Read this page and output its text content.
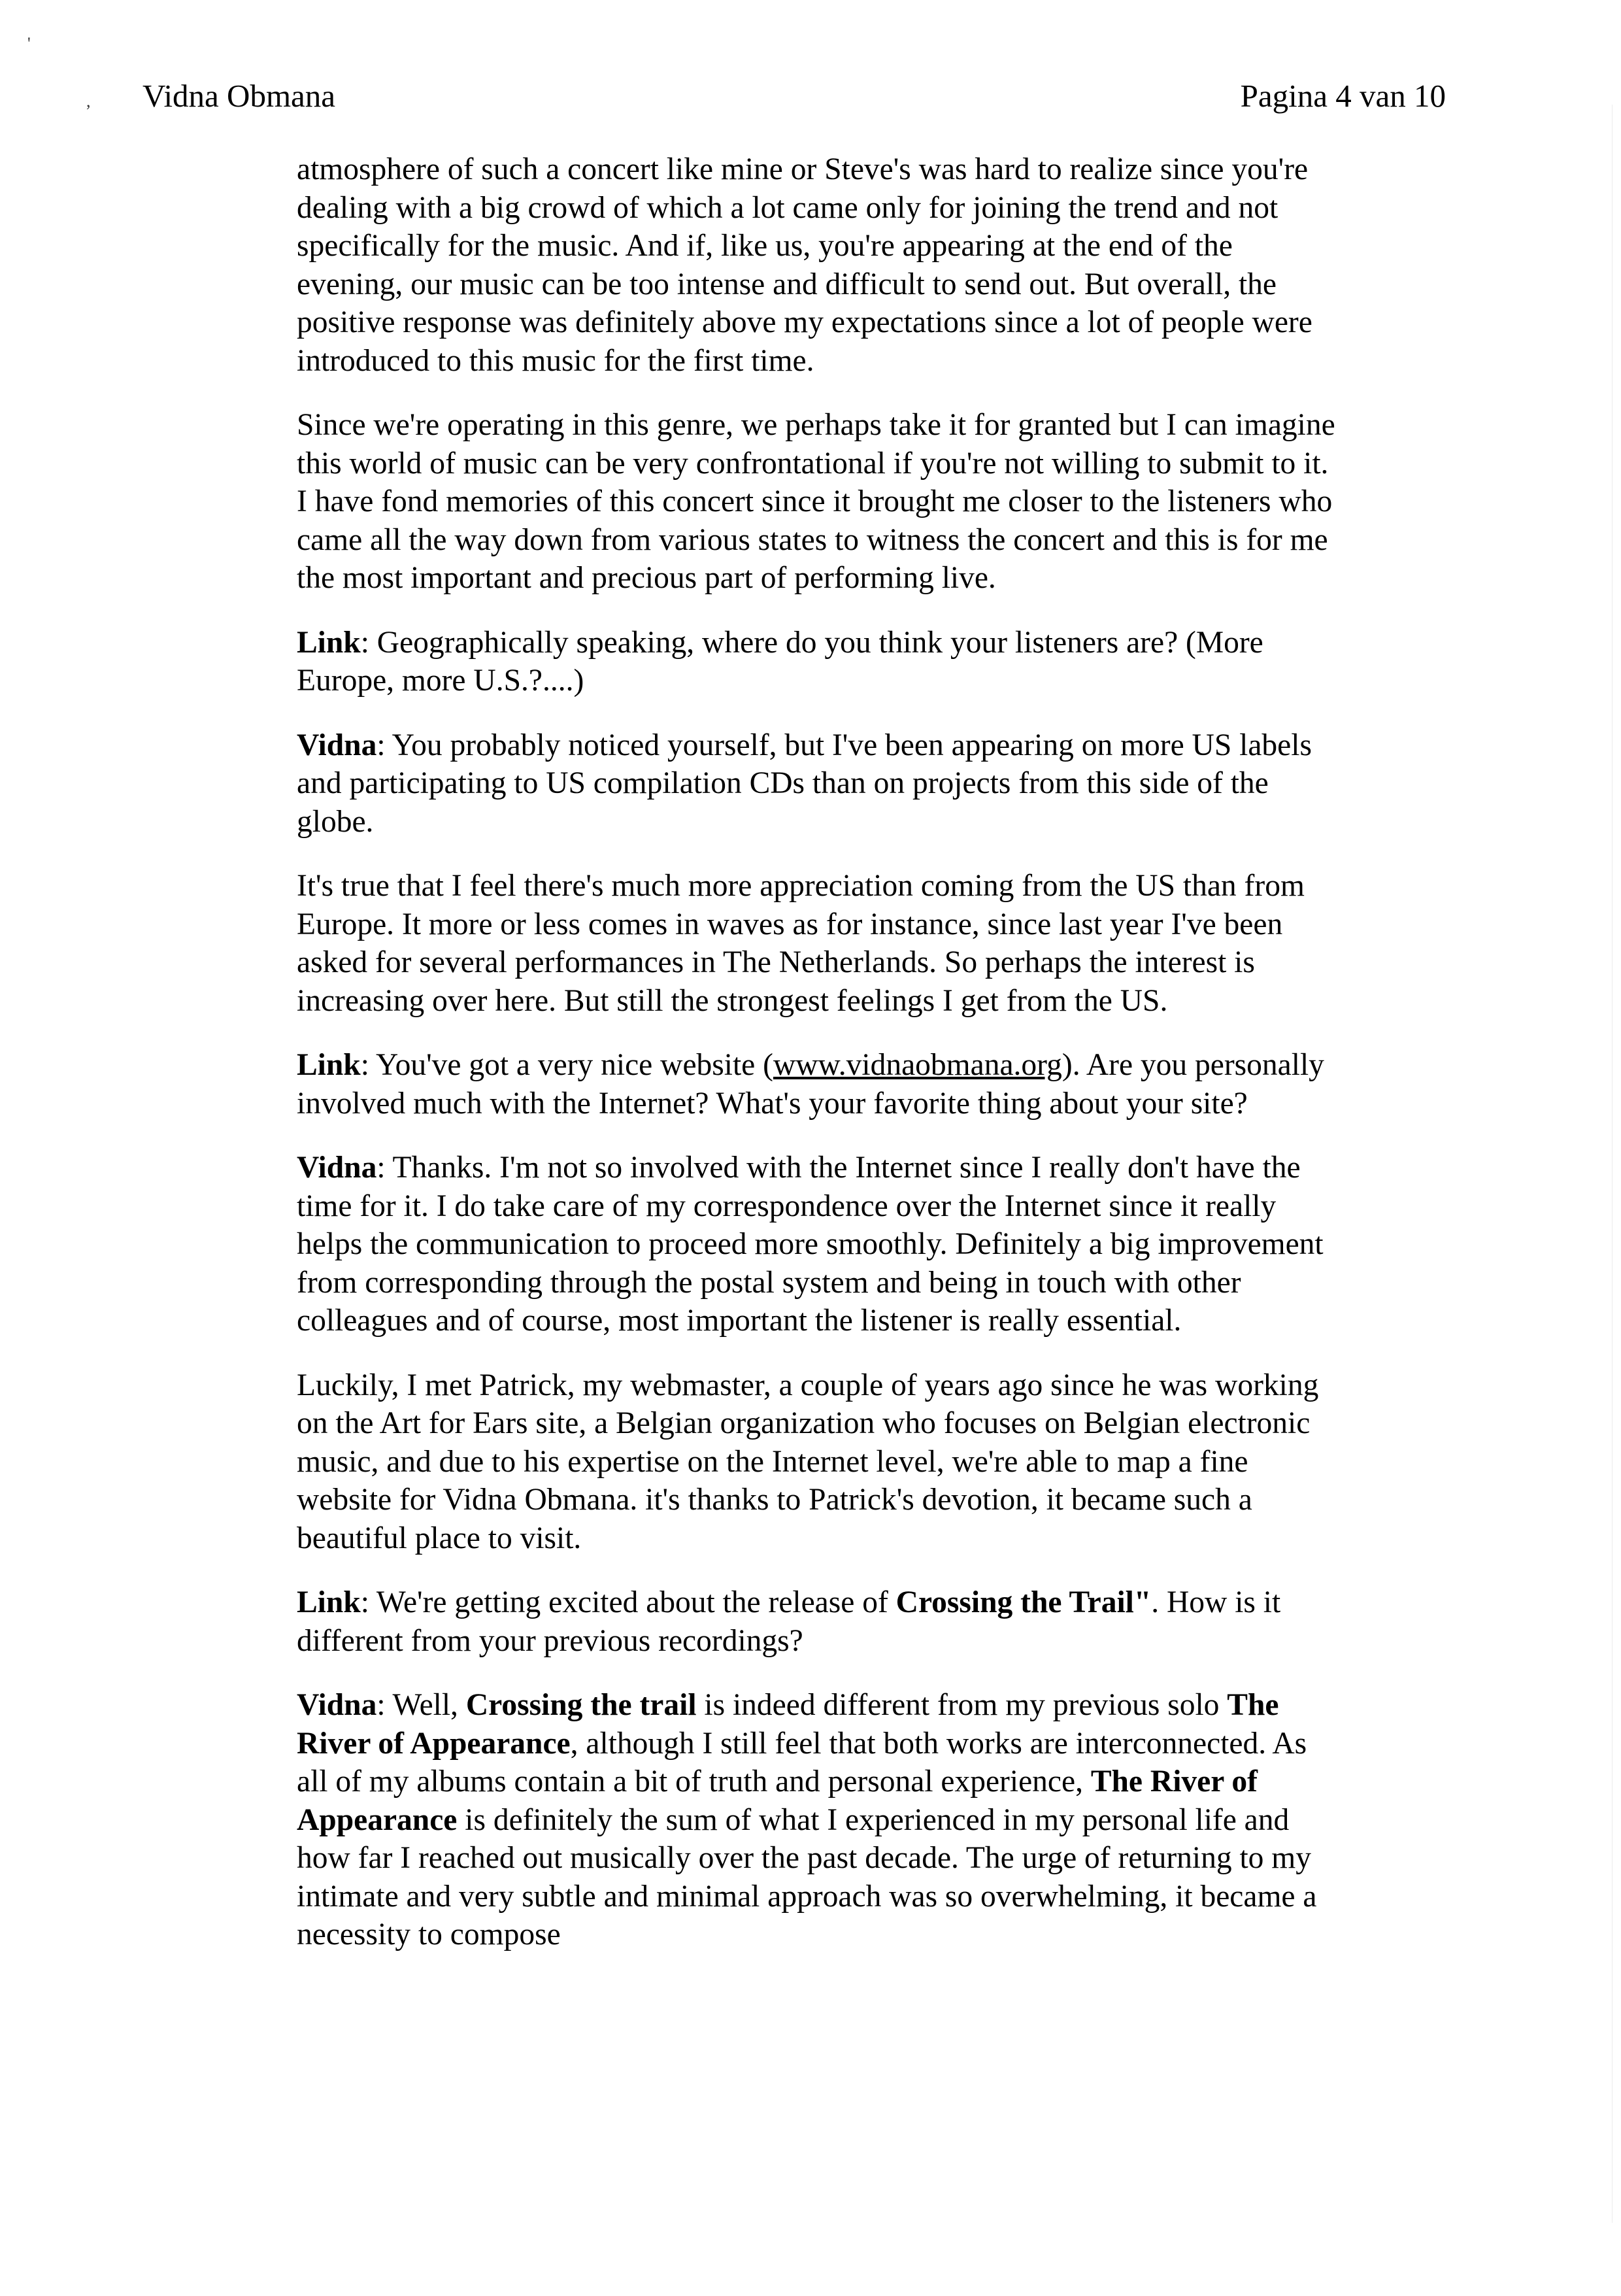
'
, Vidna Obmana	Pagina 4 van 10

atmosphere of such a concert like mine or Steve's was hard to realize since you're dealing with a big crowd of which a lot came only for joining the trend and not specifically for the music. And if, like us, you're appearing at the end of the evening, our music can be too intense and difficult to send out. But overall, the positive response was definitely above my expectations since a lot of people were introduced to this music for the first time.

Since we're operating in this genre, we perhaps take it for granted but I can imagine this world of music can be very confrontational if you're not willing to submit to it. I have fond memories of this concert since it brought me closer to the listeners who came all the way down from various states to witness the concert and this is for me the most important and precious part of performing live.

Link: Geographically speaking, where do you think your listeners are? (More Europe, more U.S.?....)

Vidna: You probably noticed yourself, but I've been appearing on more US labels and participating to US compilation CDs than on projects from this side of the globe.

It's true that I feel there's much more appreciation coming from the US than from Europe. It more or less comes in waves as for instance, since last year I've been asked for several performances in The Netherlands. So perhaps the interest is increasing over here. But still the strongest feelings I get from the US.

Link: You've got a very nice website (www.vidnaobmana.org). Are you personally involved much with the Internet? What's your favorite thing about your site?

Vidna: Thanks. I'm not so involved with the Internet since I really don't have the time for it. I do take care of my correspondence over the Internet since it really helps the communication to proceed more smoothly. Definitely a big improvement from corresponding through the postal system and being in touch with other colleagues and of course, most important the listener is really essential.

Luckily, I met Patrick, my webmaster, a couple of years ago since he was working on the Art for Ears site, a Belgian organization who focuses on Belgian electronic music, and due to his expertise on the Internet level, we're able to map a fine website for Vidna Obmana. it's thanks to Patrick's devotion, it became such a beautiful place to visit.

Link: We're getting excited about the release of Crossing the Trail". How is it different from your previous recordings?

Vidna: Well, Crossing the trail is indeed different from my previous solo The River of Appearance, although I still feel that both works are interconnected. As all of my albums contain a bit of truth and personal experience, The River of Appearance is definitely the sum of what I experienced in my personal life and how far I reached out musically over the past decade. The urge of returning to my intimate and very subtle and minimal approach was so overwhelming, it became a necessity to compose
